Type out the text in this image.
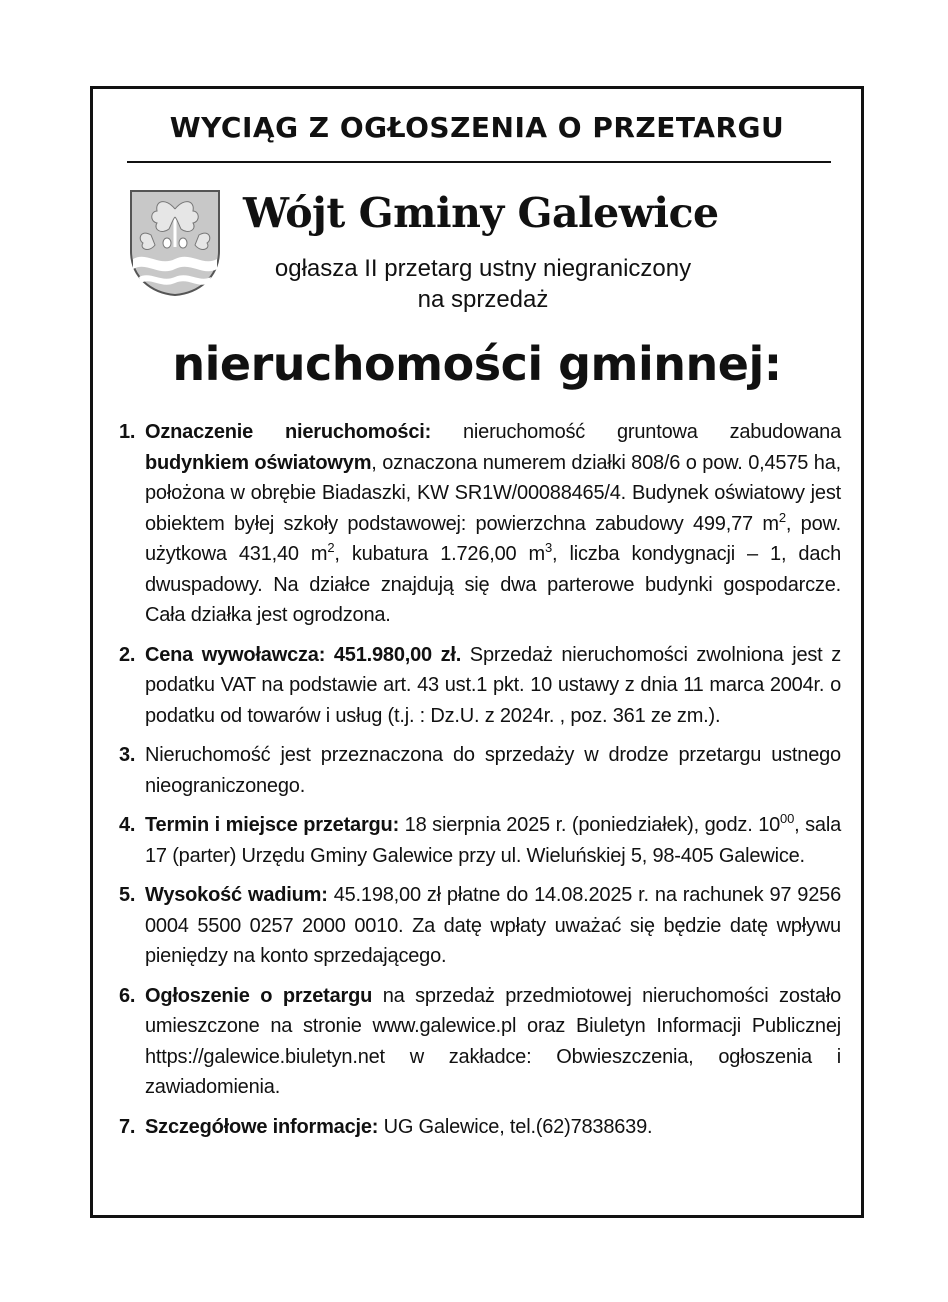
WYCIĄG Z OGŁOSZENIA O PRZETARGU
Wójt Gminy Galewice
ogłasza II przetarg ustny niegraniczony
na sprzedaż
nieruchomości gminnej:
1. Oznaczenie nieruchomości: nieruchomość gruntowa zabudowana budynkiem oświatowym, oznaczona numerem działki 808/6 o pow. 0,4575 ha, położona w obrębie Biadaszki, KW SR1W/00088465/4. Budynek oświatowy jest obiektem byłej szkoły podstawowej: powierzchna zabudowy 499,77 $m^2$, pow. użytkowa 431,40 $m^2$, kubatura 1.726,00 $m^3$, liczba kondygnacji – 1, dach dwuspadowy. Na działce znajdują się dwa parterowe budynki gospodarcze. Cała działka jest ogrodzona.
2. Cena wywoławcza: 451.980,00 zł. Sprzedaż nieruchomości zwolniona jest z podatku VAT na podstawie art. 43 ust.1 pkt. 10 ustawy z dnia 11 marca 2004r. o podatku od towarów i usług (t.j. : Dz.U. z 2024r. , poz. 361 ze zm.).
3. Nieruchomość jest przeznaczona do sprzedaży w drodze przetargu ustnego nieograniczonego.
4. Termin i miejsce przetargu: 18 sierpnia 2025 r. (poniedziałek), godz. $10^{00}$, sala 17 (parter) Urzędu Gminy Galewice przy ul. Wieluńskiej 5, 98-405 Galewice.
5. Wysokość wadium: 45.198,00 zł płatne do 14.08.2025 r. na rachunek 97 9256 0004 5500 0257 2000 0010. Za datę wpłaty uważać się będzie datę wpływu pieniędzy na konto sprzedającego.
6. Ogłoszenie o przetargu na sprzedaż przedmiotowej nieruchomości zostało umieszczone na stronie www.galewice.pl oraz Biuletyn Informacji Publicznej https://galewice.biuletyn.net w zakładce: Obwieszczenia, ogłoszenia i zawiadomienia.
7. Szczegółowe informacje: UG Galewice, tel.(62)7838639.
